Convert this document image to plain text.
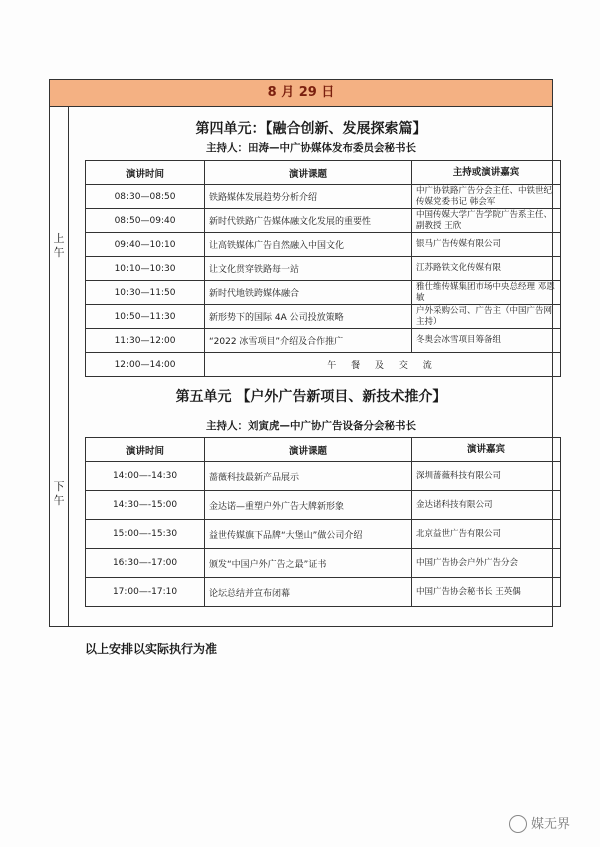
8 月 29 日
上午
下午
第四单元：【融合创新、发展探索篇】
主持人：田涛—中广协媒体发布委员会秘书长
演讲时间	演讲课题	主持或演讲嘉宾
08:30—08:50	铁路媒体发展趋势分析介绍	中广协铁路广告分会主任、中铁世纪传媒党委书记 韩会军
08:50—09:40	新时代铁路广告媒体融文化发展的重要性	中国传媒大学广告学院广告系主任、副教授 王欣
09:40—10:10	让高铁媒体广告自然融入中国文化	银马广告传媒有限公司
10:10—10:30	让文化贯穿铁路每一站	江苏路铁文化传媒有限
10:30—11:50	新时代地铁跨媒体融合	雅仕维传媒集团市场中央总经理 邓恩敏
10:50—11:30	新形势下的国际 4A 公司投放策略	户外采购公司、广告主（中国广告网主持）
11:30—12:00	“2022 冰雪项目”介绍及合作推广	冬奥会冰雪项目筹备组
12:00—14:00	午 餐 及 交 流	
第五单元 【户外广告新项目、新技术推介】
主持人：刘寅虎—中广协广告设备分会秘书长
演讲时间	演讲课题	演讲嘉宾
14:00—-14:30	蔷薇科技最新产品展示	深圳蔷薇科技有限公司
14:30—-15:00	金达诺—重塑户外广告大牌新形象	金达诺科技有限公司
15:00—-15:30	益世传媒旗下品牌“大堡山”做公司介绍	北京益世广告有限公司
16:30—-17:00	颁发“中国户外广告之最”证书	中国广告协会户外广告分会
17:00—-17:10	论坛总结并宣布闭幕	中国广告协会秘书长 王英偶
以上安排以实际执行为准
媒无界
